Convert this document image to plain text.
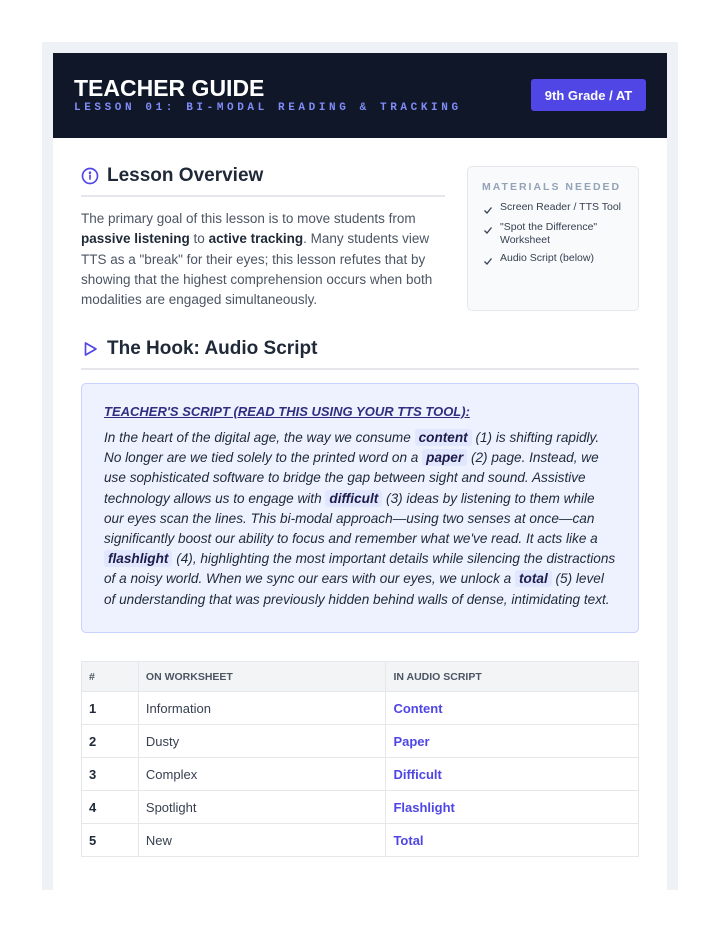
TEACHER GUIDE
LESSON 01: BI-MODAL READING & TRACKING
9th Grade / AT
Lesson Overview
The primary goal of this lesson is to move students from passive listening to active tracking. Many students view TTS as a "break" for their eyes; this lesson refutes that by showing that the highest comprehension occurs when both modalities are engaged simultaneously.
MATERIALS NEEDED
Screen Reader / TTS Tool
"Spot the Difference" Worksheet
Audio Script (below)
The Hook: Audio Script
TEACHER'S SCRIPT (READ THIS USING YOUR TTS TOOL):
In the heart of the digital age, the way we consume content (1) is shifting rapidly. No longer are we tied solely to the printed word on a paper (2) page. Instead, we use sophisticated software to bridge the gap between sight and sound. Assistive technology allows us to engage with difficult (3) ideas by listening to them while our eyes scan the lines. This bi-modal approach—using two senses at once—can significantly boost our ability to focus and remember what we've read. It acts like a flashlight (4), highlighting the most important details while silencing the distractions of a noisy world. When we sync our ears with our eyes, we unlock a total (5) level of understanding that was previously hidden behind walls of dense, intimidating text.
#	ON WORKSHEET	IN AUDIO SCRIPT
1	Information	Content
2	Dusty	Paper
3	Complex	Difficult
4	Spotlight	Flashlight
5	New	Total
